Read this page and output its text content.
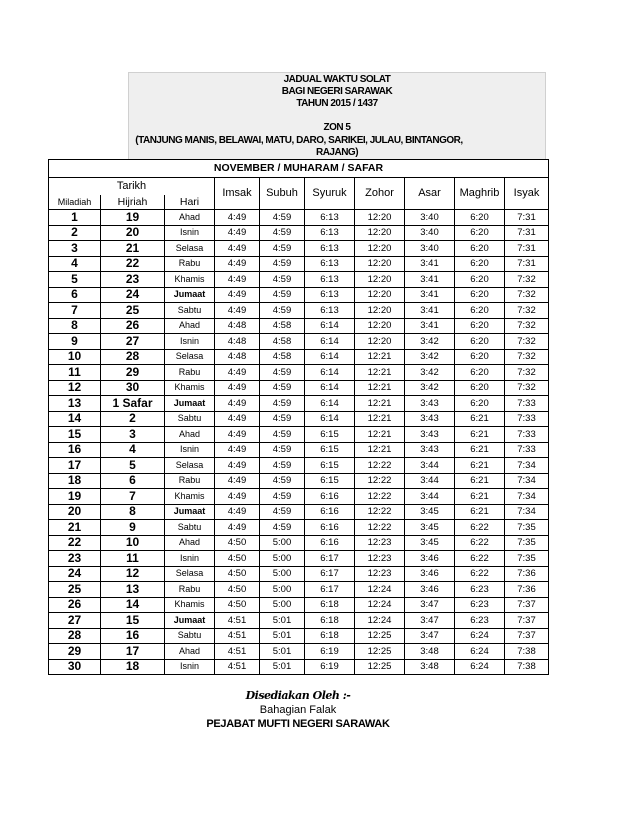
JADUAL WAKTU SOLAT
BAGI NEGERI SARAWAK
TAHUN 2015 / 1437
ZON 5
(TANJUNG MANIS, BELAWAI, MATU, DARO, SARIKEI, JULAU, BINTANGOR,
RAJANG)
NOVEMBER / MUHARAM / SAFAR									
Tarikh			Imsak	Subuh	Syuruk	Zohor	Asar	Maghrib	Isyak
Miladiah	Hijriah	Hari							
1	19	Ahad	4:49	4:59	6:13	12:20	3:40	6:20	7:31
2	20	Isnin	4:49	4:59	6:13	12:20	3:40	6:20	7:31
3	21	Selasa	4:49	4:59	6:13	12:20	3:40	6:20	7:31
4	22	Rabu	4:49	4:59	6:13	12:20	3:41	6:20	7:31
5	23	Khamis	4:49	4:59	6:13	12:20	3:41	6:20	7:32
6	24	Jumaat	4:49	4:59	6:13	12:20	3:41	6:20	7:32
7	25	Sabtu	4:49	4:59	6:13	12:20	3:41	6:20	7:32
8	26	Ahad	4:48	4:58	6:14	12:20	3:41	6:20	7:32
9	27	Isnin	4:48	4:58	6:14	12:20	3:42	6:20	7:32
10	28	Selasa	4:48	4:58	6:14	12:21	3:42	6:20	7:32
11	29	Rabu	4:49	4:59	6:14	12:21	3:42	6:20	7:32
12	30	Khamis	4:49	4:59	6:14	12:21	3:42	6:20	7:32
13	1 Safar	Jumaat	4:49	4:59	6:14	12:21	3:43	6:20	7:33
14	2	Sabtu	4:49	4:59	6:14	12:21	3:43	6:21	7:33
15	3	Ahad	4:49	4:59	6:15	12:21	3:43	6:21	7:33
16	4	Isnin	4:49	4:59	6:15	12:21	3:43	6:21	7:33
17	5	Selasa	4:49	4:59	6:15	12:22	3:44	6:21	7:34
18	6	Rabu	4:49	4:59	6:15	12:22	3:44	6:21	7:34
19	7	Khamis	4:49	4:59	6:16	12:22	3:44	6:21	7:34
20	8	Jumaat	4:49	4:59	6:16	12:22	3:45	6:21	7:34
21	9	Sabtu	4:49	4:59	6:16	12:22	3:45	6:22	7:35
22	10	Ahad	4:50	5:00	6:16	12:23	3:45	6:22	7:35
23	11	Isnin	4:50	5:00	6:17	12:23	3:46	6:22	7:35
24	12	Selasa	4:50	5:00	6:17	12:23	3:46	6:22	7:36
25	13	Rabu	4:50	5:00	6:17	12:24	3:46	6:23	7:36
26	14	Khamis	4:50	5:00	6:18	12:24	3:47	6:23	7:37
27	15	Jumaat	4:51	5:01	6:18	12:24	3:47	6:23	7:37
28	16	Sabtu	4:51	5:01	6:18	12:25	3:47	6:24	7:37
29	17	Ahad	4:51	5:01	6:19	12:25	3:48	6:24	7:38
30	18	Isnin	4:51	5:01	6:19	12:25	3:48	6:24	7:38
Disediakan Oleh :-
Bahagian Falak
PEJABAT MUFTI NEGERI SARAWAK
